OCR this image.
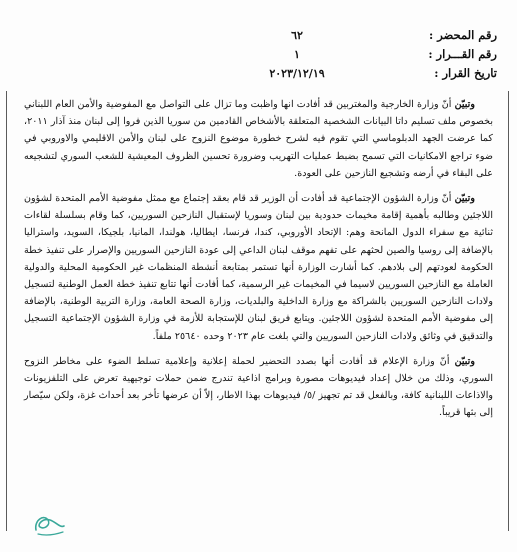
رقم المحضر :
٦٢
رقم القـــرار :
١
تاريخ القرار :
٢٠٢٣/١٢/١٩

وتبيّن أنّ وزارة الخارجية والمغتربين قد أفادت انها واظبت وما تزال على التواصل مع المفوضية والأمن العام اللبناني بخصوص ملف تسليم داتا البيانات الشخصية المتعلقة بالأشخاص القادمين من سوريا الذين فروا إلى لبنان منذ آذار ٢٠١١، كما عرضت الجهد الدبلوماسي التي تقوم فيه لشرح خطورة موضوع النزوح على لبنان والأمن الاقليمي والاوروبي في ضوء تراجع الامكانيات التي تسمح بضبط عمليات التهريب وضرورة تحسين الظروف المعيشية للشعب السوري لتشجيعه على البقاء في أرضه وتشجيع النازحين على العودة.

وتبيّن أنّ وزارة الشؤون الإجتماعية قد أفادت أن الوزير قد قام بعقد إجتماع مع ممثل مفوضية الأمم المتحدة لشؤون اللاجئين وطالبه بأهمية إقامة مخيمات حدودية بين لبنان وسوريا لإستقبال النازحين السوريين، كما وقام بسلسلة لقاءات ثنائية مع سفراء الدول المانحة وهم: الإتحاد الأوروبي، كندا، فرنسا، ايطاليا، هولندا، المانيا، بلجيكا، السويد، واستراليا بالإضافة إلى روسيا والصين لحثهم على تفهم موقف لبنان الداعي إلى عودة النازحين السوريين والإصرار على تنفيذ خطة الحكومة لعودتهم إلى بلادهم. كما أشارت الوزارة أنها تستمر بمتابعة أنشطة المنظمات غير الحكومية المحلية والدولية العاملة مع النازحين السوريين لاسيما في المخيمات غير الرسمية، كما أفادت أنها تتابع تنفيذ خطة العمل الوطنية لتسجيل ولادات النازحين السوريين بالشراكة مع وزارة الداخلية والبلديات، وزارة الصحة العامة، وزارة التربية الوطنية، بالإضافة إلى مفوضية الأمم المتحدة لشؤون اللاجئين. ويتابع فريق لبنان للإستجابة للأزمة في وزارة الشؤون الإجتماعية التسجيل والتدقيق في وثائق ولادات النازحين السوريين والتي بلغت عام ٢٠٢٣ وحده ٢٥٦٤٠ ملفاً.

وتبيّن أنّ وزارة الإعلام قد أفادت أنها بصدد التحضير لحملة إعلانية وإعلامية تسلط الضوء على مخاطر النزوح السوري، وذلك من خلال إعداد فيديوهات مصورة وبرامج اذاعية تندرج ضمن حملات توجيهية تعرض على التلفزيونات والاذاعات اللبنانية كافة، وبالفعل قد تم تجهيز /٥/ فيديوهات بهذا الاطار، إلاّ أن عرضها تأخر بعد أحداث غزة، ولكن سيّصار إلى بثها قريباً.
